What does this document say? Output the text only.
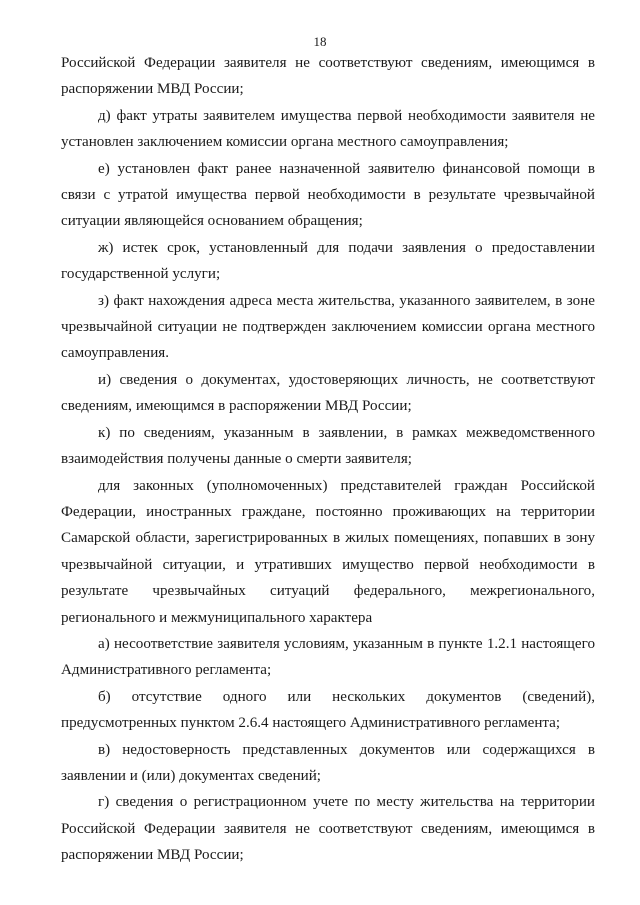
18

Российской Федерации заявителя не соответствуют сведениям, имеющимся в распоряжении МВД России;

д) факт утраты заявителем имущества первой необходимости заявителя не установлен заключением комиссии органа местного самоуправления;

е) установлен факт ранее назначенной заявителю финансовой помощи в связи с утратой имущества первой необходимости в результате чрезвычайной ситуации являющейся основанием обращения;

ж) истек срок, установленный для подачи заявления о предоставлении государственной услуги;

з) факт нахождения адреса места жительства, указанного заявителем, в зоне чрезвычайной ситуации не подтвержден заключением комиссии органа местного самоуправления.

и) сведения о документах, удостоверяющих личность, не соответствуют сведениям, имеющимся в распоряжении МВД России;

к) по сведениям, указанным в заявлении, в рамках межведомственного взаимодействия получены данные о смерти заявителя;

для законных (уполномоченных) представителей граждан Российской Федерации, иностранных граждане, постоянно проживающих на территории Самарской области, зарегистрированных в жилых помещениях, попавших в зону чрезвычайной ситуации, и утративших имущество первой необходимости в результате чрезвычайных ситуаций федерального, межрегионального, регионального и межмуниципального характера

а) несоответствие заявителя условиям, указанным в пункте 1.2.1 настоящего Административного регламента;

б) отсутствие одного или нескольких документов (сведений), предусмотренных пунктом 2.6.4 настоящего Административного регламента;

в) недостоверность представленных документов или содержащихся в заявлении и (или) документах сведений;

г) сведения о регистрационном учете по месту жительства на территории Российской Федерации заявителя не соответствуют сведениям, имеющимся в распоряжении МВД России;
